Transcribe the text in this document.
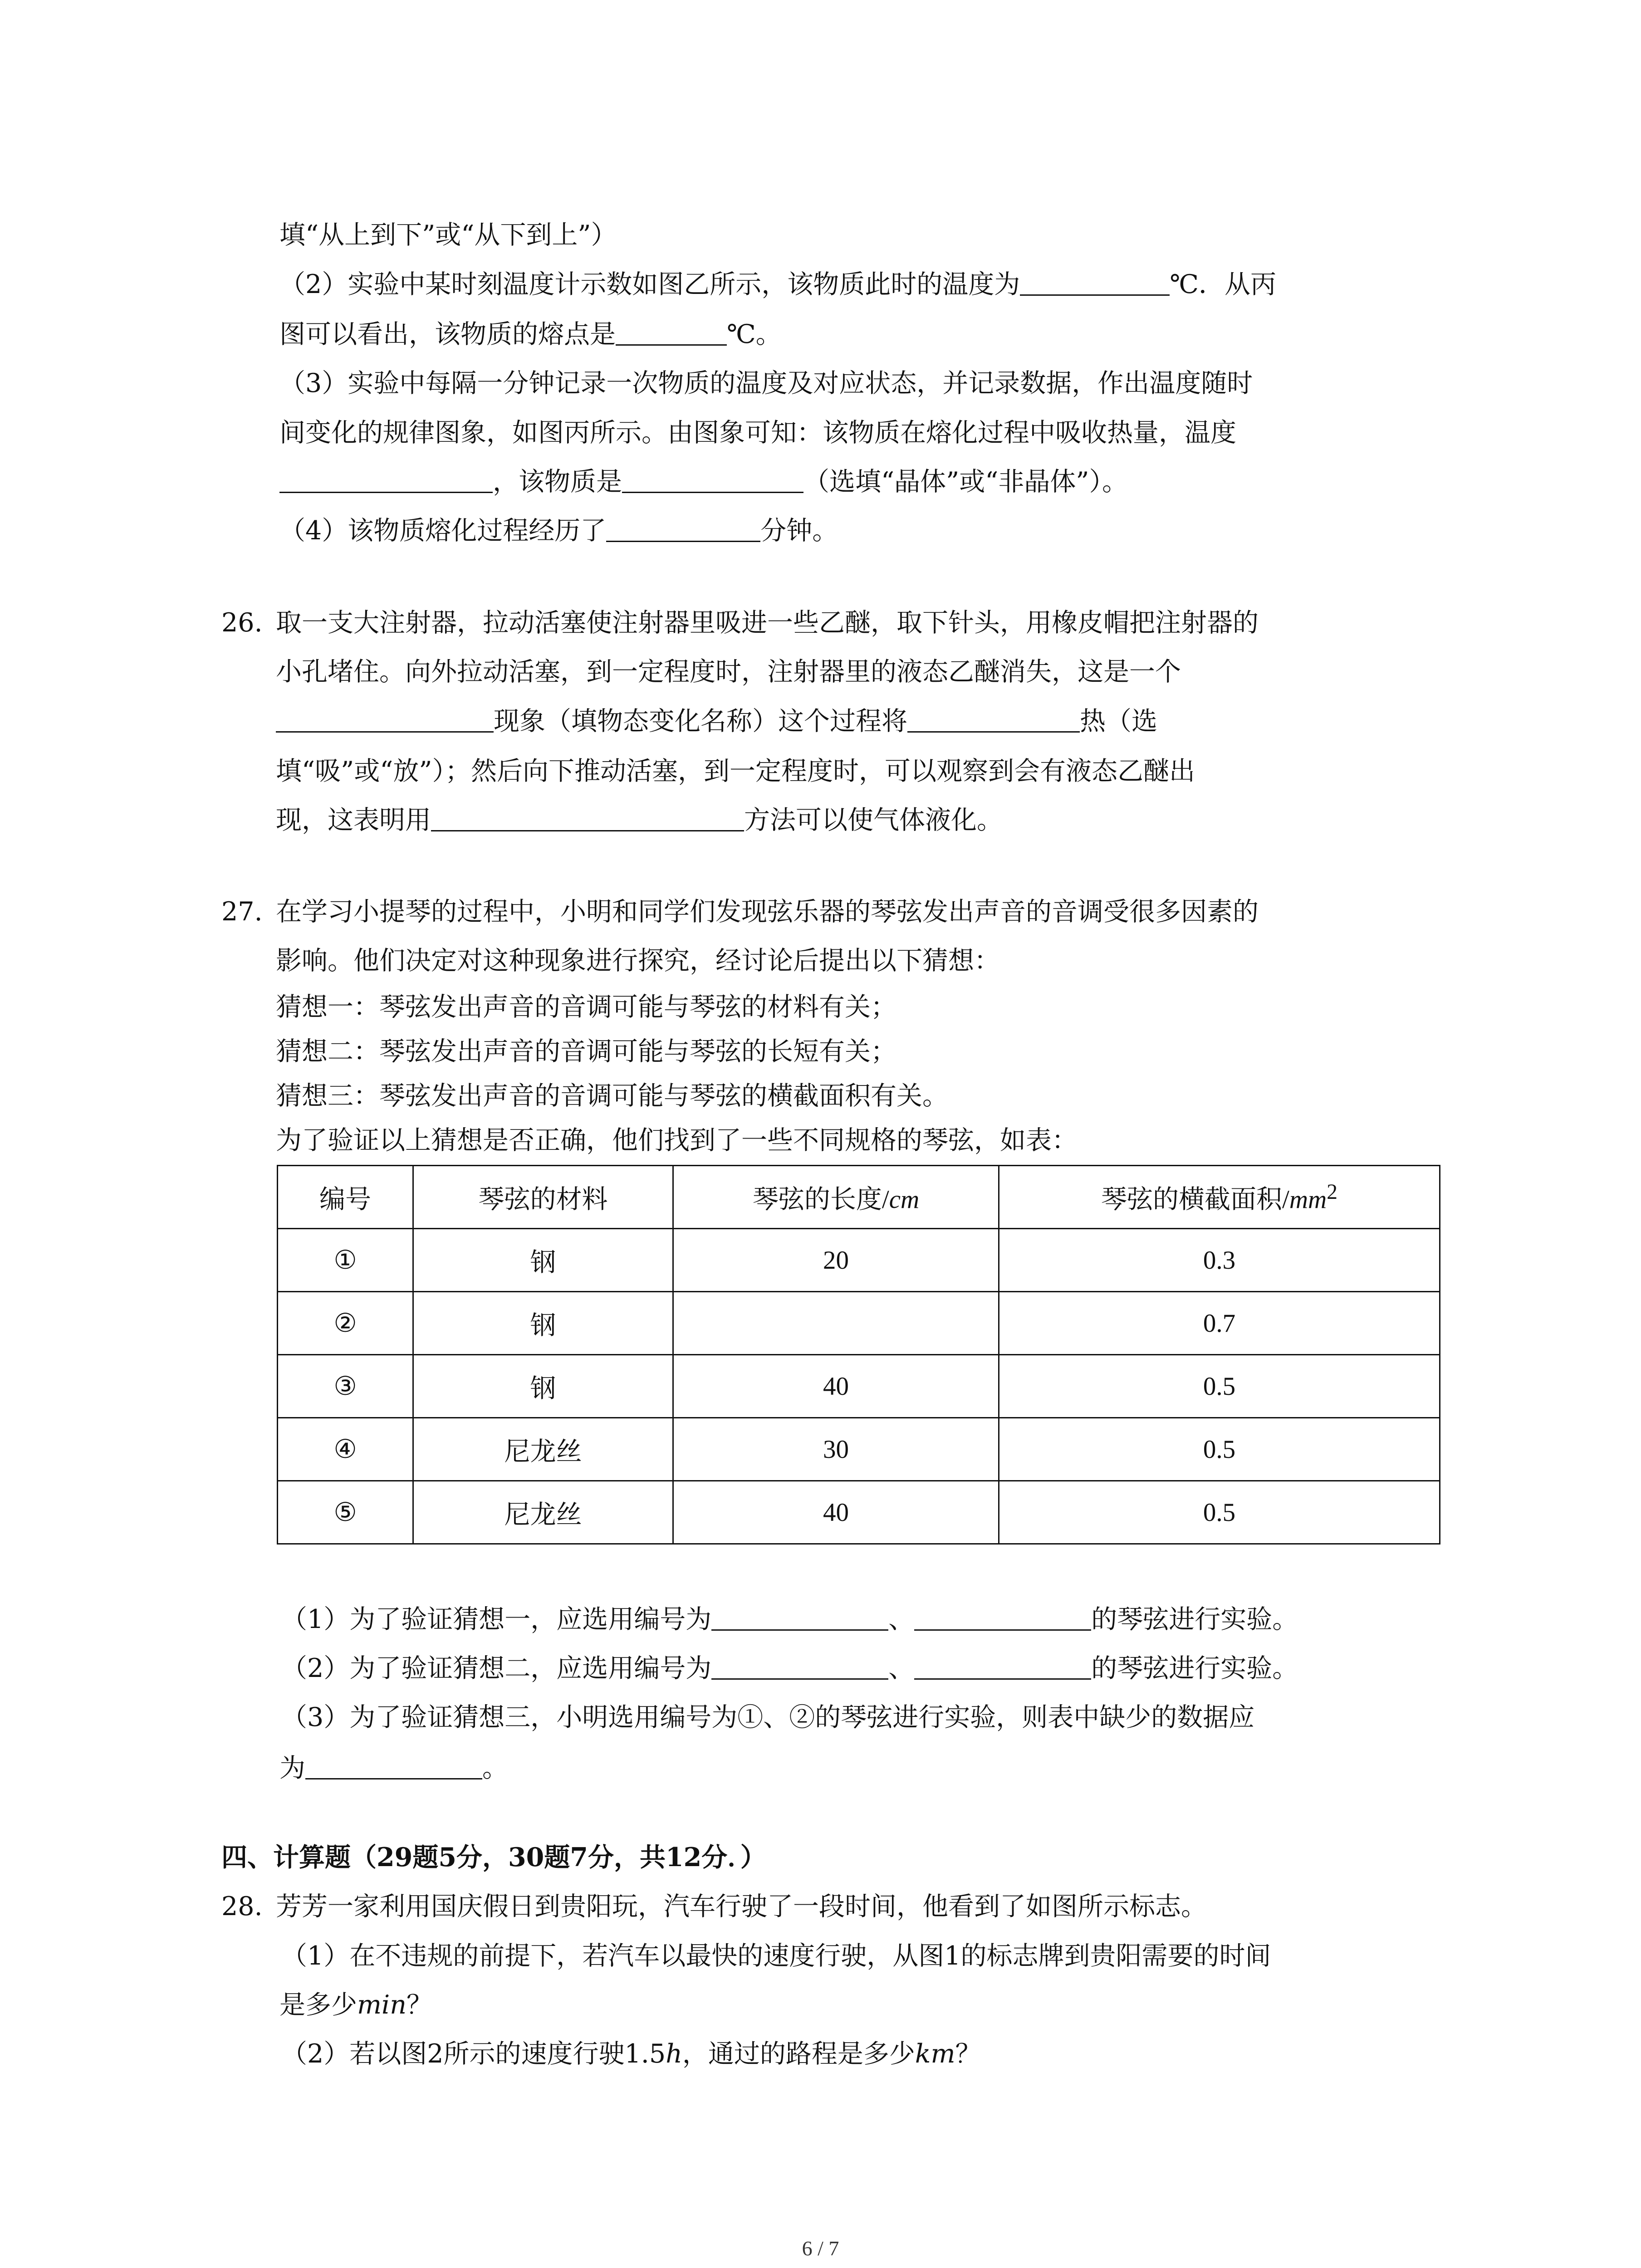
填“从上到下”或“从下到上”）
（2）实验中某时刻温度计示数如图乙所示，该物质此时的温度为	℃．从丙
图可以看出，该物质的熔点是	℃。
（3）实验中每隔一分钟记录一次物质的温度及对应状态，并记录数据，作出温度随时
间变化的规律图象，如图丙所示。由图象可知：该物质在熔化过程中吸收热量，温度
，该物质是	（选填“晶体”或“非晶体”）。
（4）该物质熔化过程经历了	分钟。
26. 取一支大注射器，拉动活塞使注射器里吸进一些乙醚，取下针头，用橡皮帽把注射器的
小孔堵住。向外拉动活塞，到一定程度时，注射器里的液态乙醚消失，这是一个
现象（填物态变化名称）这个过程将	热（选
填“吸”或“放”）；然后向下推动活塞，到一定程度时，可以观察到会有液态乙醚出
现，这表明用	方法可以使气体液化。
27. 在学习小提琴的过程中，小明和同学们发现弦乐器的琴弦发出声音的音调受很多因素的
影响。他们决定对这种现象进行探究，经讨论后提出以下猜想：
猜想一：琴弦发出声音的音调可能与琴弦的材料有关；
猜想二：琴弦发出声音的音调可能与琴弦的长短有关；
猜想三：琴弦发出声音的音调可能与琴弦的横截面积有关。
为了验证以上猜想是否正确，他们找到了一些不同规格的琴弦，如表：
编号	琴弦的材料	琴弦的长度/cm	琴弦的横截面积$/mm^2$
①	钢	20	0.3
②	钢		0.7
③	钢	40	0.5
④	尼龙丝	30	0.5
⑤	尼龙丝	40	0.5
（1）为了验证猜想一，应选用编号为	、	的琴弦进行实验。
（2）为了验证猜想二，应选用编号为	、	的琴弦进行实验。
（3）为了验证猜想三，小明选用编号为①、②的琴弦进行实验，则表中缺少的数据应
为	。
四、计算题（29题5分，30题7分，共12分．）
28. 芳芳一家利用国庆假日到贵阳玩，汽车行驶了一段时间，他看到了如图所示标志。
（1）在不违规的前提下，若汽车以最快的速度行驶，从图1的标志牌到贵阳需要的时间
是多少min？
（2）若以图2所示的速度行驶1.5h，通过的路程是多少km？
6 / 7
